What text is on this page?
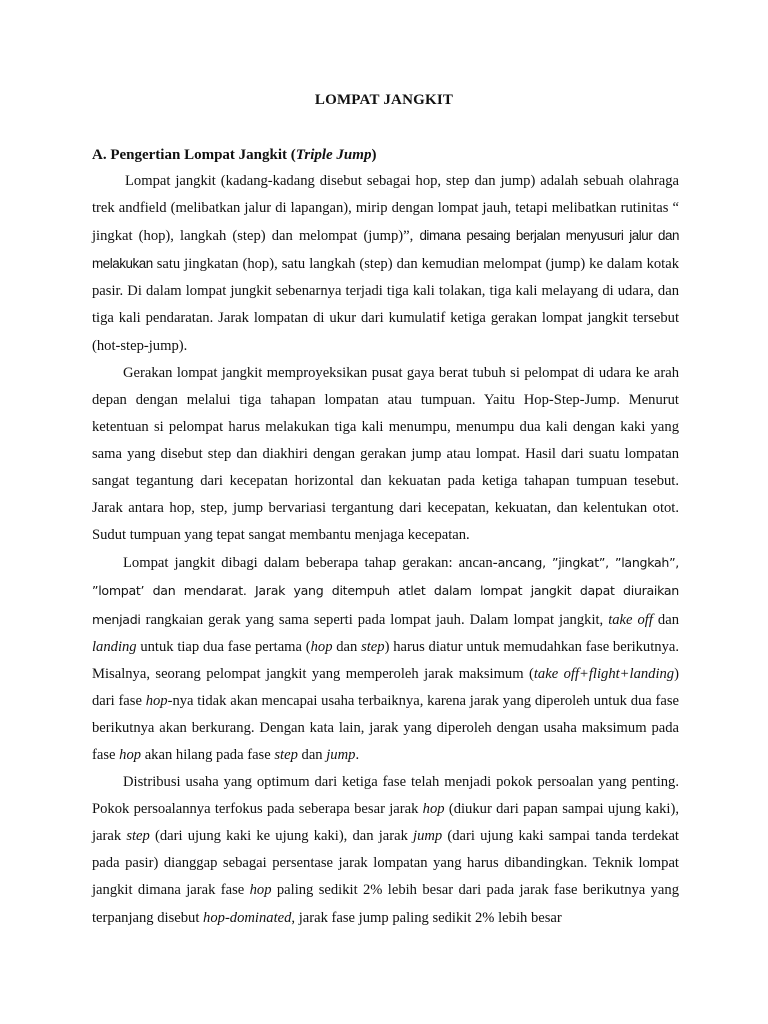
LOMPAT JANGKIT
A. Pengertian Lompat Jangkit (Triple Jump)

Lompat jangkit (kadang-kadang disebut sebagai hop, step dan jump) adalah sebuah olahraga trek andfield (melibatkan jalur di lapangan), mirip dengan lompat jauh, tetapi melibatkan rutinitas “ jingkat (hop), langkah (step) dan melompat (jump)”, dimana pesaing berjalan menyusuri jalur dan melakukan satu jingkatan (hop), satu langkah (step) dan kemudian melompat (jump) ke dalam kotak pasir. Di dalam lompat jungkit sebenarnya terjadi tiga kali tolakan, tiga kali melayang di udara, dan tiga kali pendaratan. Jarak lompatan di ukur dari kumulatif ketiga gerakan lompat jangkit tersebut (hot-step-jump).

Gerakan lompat jangkit memproyeksikan pusat gaya berat tubuh si pelompat di udara ke arah depan dengan melalui tiga tahapan lompatan atau tumpuan. Yaitu Hop-Step-Jump. Menurut ketentuan si pelompat harus melakukan tiga kali menumpu, menumpu dua kali dengan kaki yang sama yang disebut step dan diakhiri dengan gerakan jump atau lompat. Hasil dari suatu lompatan sangat tegantung dari kecepatan horizontal dan kekuatan pada ketiga tahapan tumpuan tesebut. Jarak antara hop, step, jump bervariasi tergantung dari kecepatan, kekuatan, dan kelentukan otot. Sudut tumpuan yang tepat sangat membantu menjaga kecepatan.

Lompat jangkit dibagi dalam beberapa tahap gerakan: ancan-ancang, ”jingkat”, ”langkah”, ”lompat’ dan mendarat. Jarak yang ditempuh atlet dalam lompat jangkit dapat diuraikan menjadi rangkaian gerak yang sama seperti pada lompat jauh. Dalam lompat jangkit, take off dan landing untuk tiap dua fase pertama (hop dan step) harus diatur untuk memudahkan fase berikutnya. Misalnya, seorang pelompat jangkit yang memperoleh jarak maksimum (take off+flight+landing) dari fase hop-nya tidak akan mencapai usaha terbaiknya, karena jarak yang diperoleh untuk dua fase berikutnya akan berkurang. Dengan kata lain, jarak yang diperoleh dengan usaha maksimum pada fase hop akan hilang pada fase step dan jump.

Distribusi usaha yang optimum dari ketiga fase telah menjadi pokok persoalan yang penting. Pokok persoalannya terfokus pada seberapa besar jarak hop (diukur dari papan sampai ujung kaki), jarak step (dari ujung kaki ke ujung kaki), dan jarak jump (dari ujung kaki sampai tanda terdekat pada pasir) dianggap sebagai persentase jarak lompatan yang harus dibandingkan. Teknik lompat jangkit dimana jarak fase hop paling sedikit 2% lebih besar dari pada jarak fase berikutnya yang terpanjang disebut hop-dominated, jarak fase jump paling sedikit 2% lebih besar
